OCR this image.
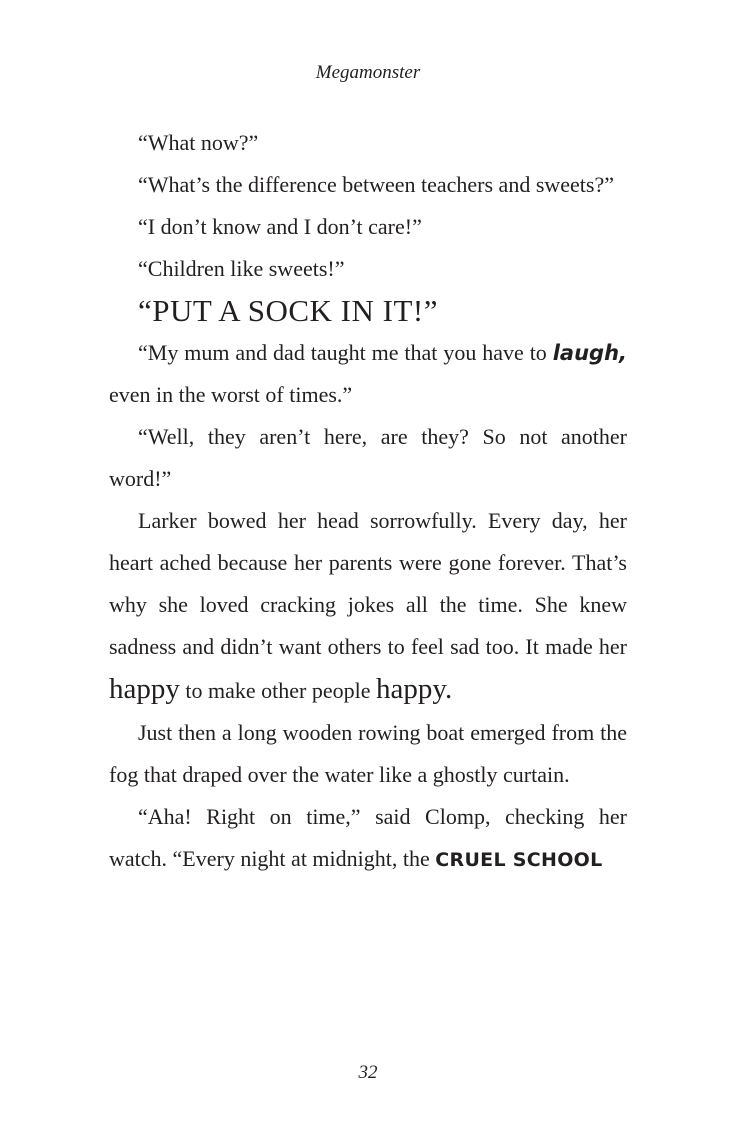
Megamonster

“What now?”

“What’s the difference between teachers and sweets?”

“I don’t know and I don’t care!”

“Children like sweets!”

“PUT A SOCK IN IT!”

“My mum and dad taught me that you have to laugh, even in the worst of times.”

“Well, they aren’t here, are they? So not another word!”

Larker bowed her head sorrowfully. Every day, her heart ached because her parents were gone forever. That’s why she loved cracking jokes all the time. She knew sadness and didn’t want others to feel sad too. It made her happy to make other people happy.

Just then a long wooden rowing boat emerged from the fog that draped over the water like a ghostly curtain.

“Aha! Right on time,” said Clomp, checking her watch. “Every night at midnight, the CRUEL SCHOOL

32
